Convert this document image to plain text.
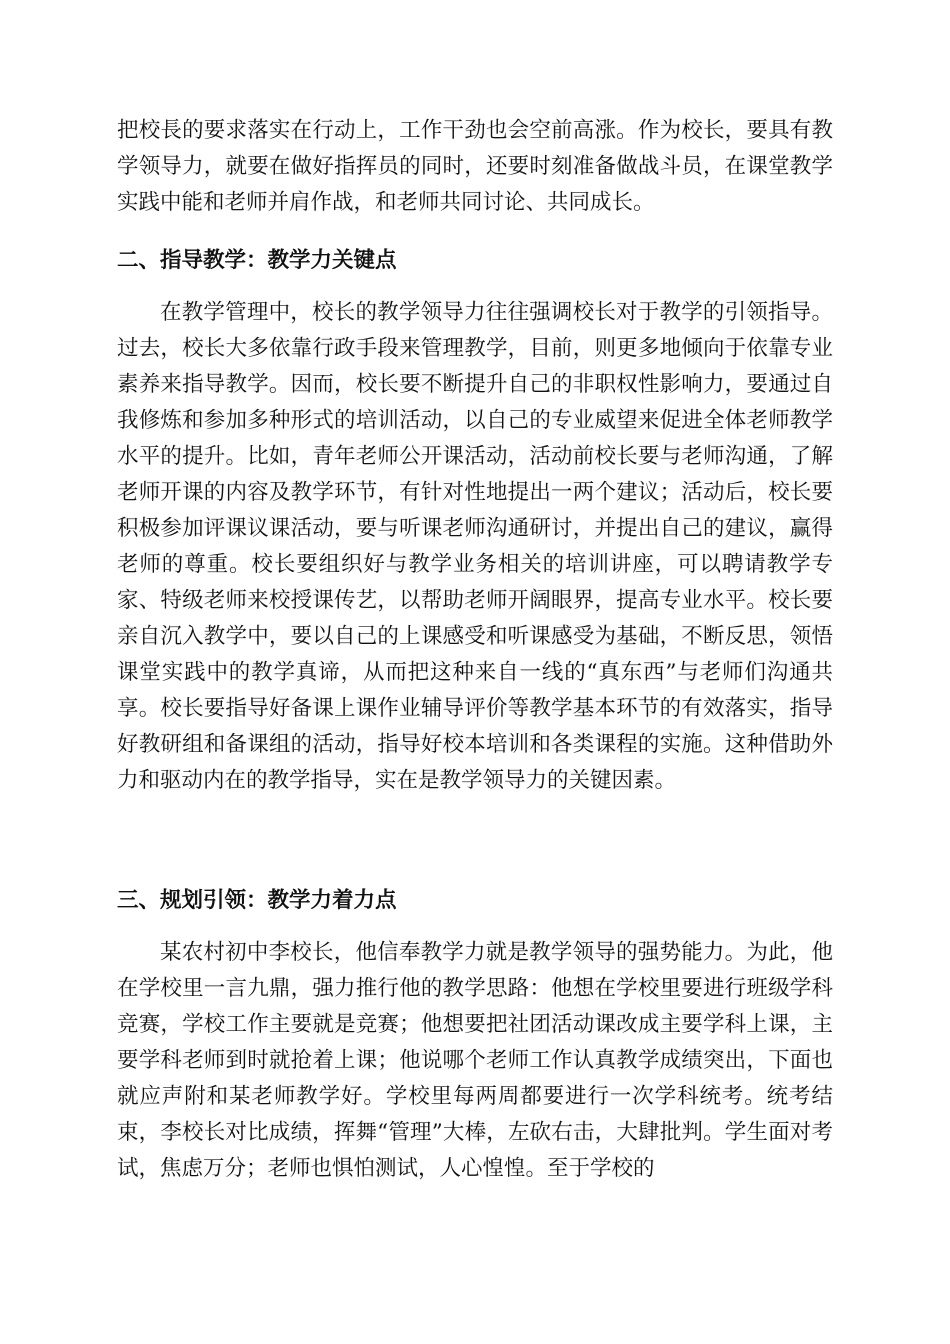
把校長的要求落实在行动上，工作干劲也会空前高涨。作为校长，要具有教学领导力，就要在做好指挥员的同时，还要时刻准备做战斗员，在课堂教学实践中能和老师并肩作战，和老师共同讨论、共同成长。

二、指导教学：教学力关键点

在教学管理中，校长的教学领导力往往强调校长对于教学的引领指导。过去，校长大多依靠行政手段来管理教学，目前，则更多地倾向于依靠专业素养来指导教学。因而，校长要不断提升自己的非职权性影响力，要通过自我修炼和参加多种形式的培训活动，以自己的专业威望来促进全体老师教学水平的提升。比如，青年老师公开课活动，活动前校长要与老师沟通，了解老师开课的内容及教学环节，有针对性地提出一两个建议；活动后，校长要积极参加评课议课活动，要与听课老师沟通研讨，并提出自己的建议，赢得老师的尊重。校长要组织好与教学业务相关的培训讲座，可以聘请教学专家、特级老师来校授课传艺，以帮助老师开阔眼界，提高专业水平。校长要亲自沉入教学中，要以自己的上课感受和听课感受为基础，不断反思，领悟课堂实践中的教学真谛，从而把这种来自一线的“真东西”与老师们沟通共享。校长要指导好备课上课作业辅导评价等教学基本环节的有效落实，指导好教研组和备课组的活动，指导好校本培训和各类课程的实施。这种借助外力和驱动内在的教学指导，实在是教学领导力的关键因素。

三、规划引领：教学力着力点

某农村初中李校长，他信奉教学力就是教学领导的强势能力。为此，他在学校里一言九鼎，强力推行他的教学思路：他想在学校里要进行班级学科竞赛，学校工作主要就是竞赛；他想要把社团活动课改成主要学科上课，主要学科老师到时就抢着上课；他说哪个老师工作认真教学成绩突出，下面也就应声附和某老师教学好。学校里每两周都要进行一次学科统考。统考结束，李校长对比成绩，挥舞“管理”大棒，左砍右击，大肆批判。学生面对考试，焦虑万分；老师也惧怕测试，人心惶惶。至于学校的
